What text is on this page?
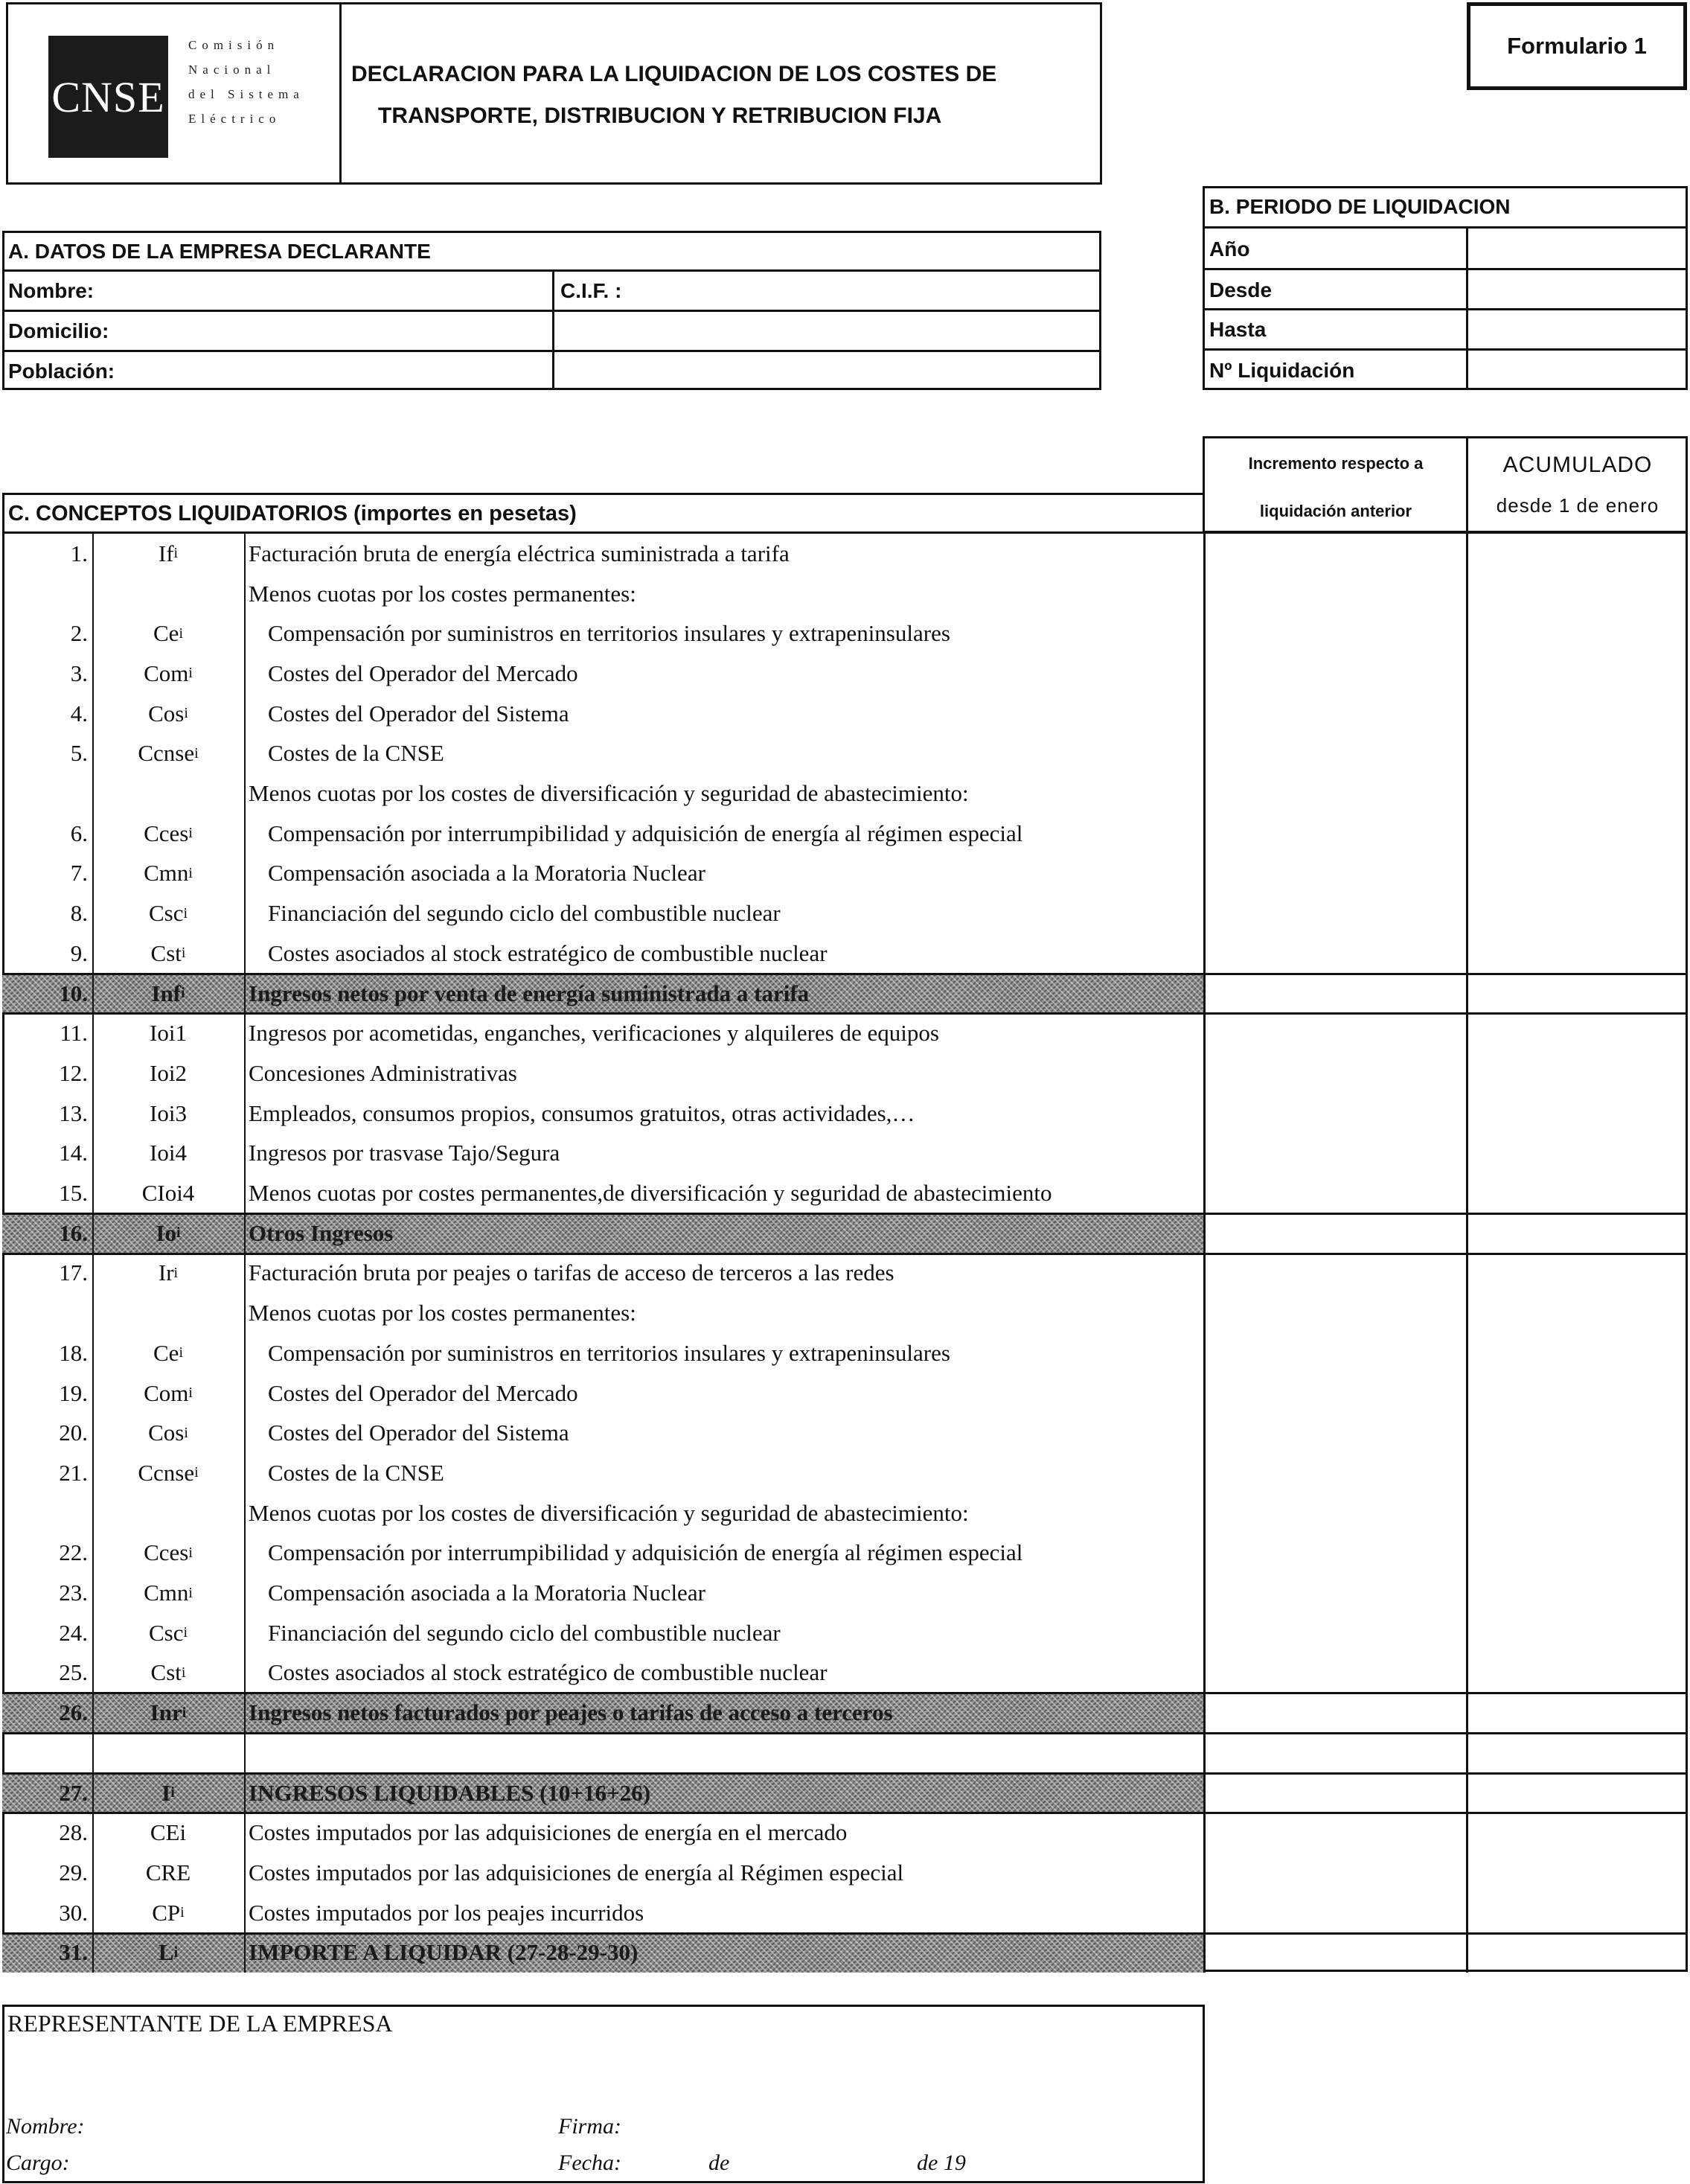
CNSE
Comisión
Nacional
del Sistema
Eléctrico
DECLARACION PARA LA LIQUIDACION DE LOS COSTES DE
TRANSPORTE, DISTRIBUCION Y RETRIBUCION FIJA
Formulario 1
A. DATOS DE LA EMPRESA DECLARANTE
Nombre:	C.I.F. :
Domicilio:
Población:
B. PERIODO DE LIQUIDACION
Año
Desde
Hasta
Nº Liquidación
Incremento respecto a
liquidación anterior
ACUMULADO
desde 1 de enero
C. CONCEPTOS LIQUIDATORIOS (importes en pesetas)
REPRESENTANTE DE LA EMPRESA
Nombre:
Cargo:
Firma:
Fecha:	de	de 19
1.	If i	Facturación bruta de energía eléctrica suministrada a tarifa
Menos cuotas por los costes permanentes:
2.	Ce i	Compensación por suministros en territorios insulares y extrapeninsulares
3. Com i	Costes del Operador del Mercado
4.	Cos i	Costes del Operador del Sistema
5. Ccnse i	Costes de la CNSE
Menos cuotas por los costes de diversificación y seguridad de abastecimiento:
6. Cces i	Compensación por interrumpibilidad y adquisición de energía al régimen especial
7. Cmn i	Compensación asociada a la Moratoria Nuclear
8.	Csc i	Financiación del segundo ciclo del combustible nuclear
9.	Cst i	Costes asociados al stock estratégico de combustible nuclear
10.	Inf i	Ingresos netos por venta de energía suministrada a tarifa
11.	Ioi1	Ingresos por acometidas, enganches, verificaciones y alquileres de equipos
12.	Ioi2	Concesiones Administrativas
13.	Ioi3	Empleados, consumos propios, consumos gratuitos, otras actividades,…
14.	Ioi4	Ingresos por trasvase Tajo/Segura
15. CIoi4 Menos cuotas por costes permanentes,de diversificación y seguridad de abastecimiento
16.	Io i	Otros Ingresos
17.	Ir i	Facturación bruta por peajes o tarifas de acceso de terceros a las redes
Menos cuotas por los costes permanentes:
18.	Ce i	Compensación por suministros en territorios insulares y extrapeninsulares
19. Com i	Costes del Operador del Mercado
20.	Cos i	Costes del Operador del Sistema
21. Ccnse i	Costes de la CNSE
Menos cuotas por los costes de diversificación y seguridad de abastecimiento:
22. Cces i	Compensación por interrumpibilidad y adquisición de energía al régimen especial
23. Cmn i	Compensación asociada a la Moratoria Nuclear
24.	Csc i	Financiación del segundo ciclo del combustible nuclear
25.	Cst i	Costes asociados al stock estratégico de combustible nuclear
26.	Inr i	Ingresos netos facturados por peajes o tarifas de acceso a terceros
27.	I i	INGRESOS LIQUIDABLES (10+16+26)
28.	CEi	Costes imputados por las adquisiciones de energía en el mercado
29.	CRE	Costes imputados por las adquisiciones de energía al Régimen especial
30.	CP i	Costes imputados por los peajes incurridos
31.	L i	IMPORTE A LIQUIDAR (27-28-29-30)
